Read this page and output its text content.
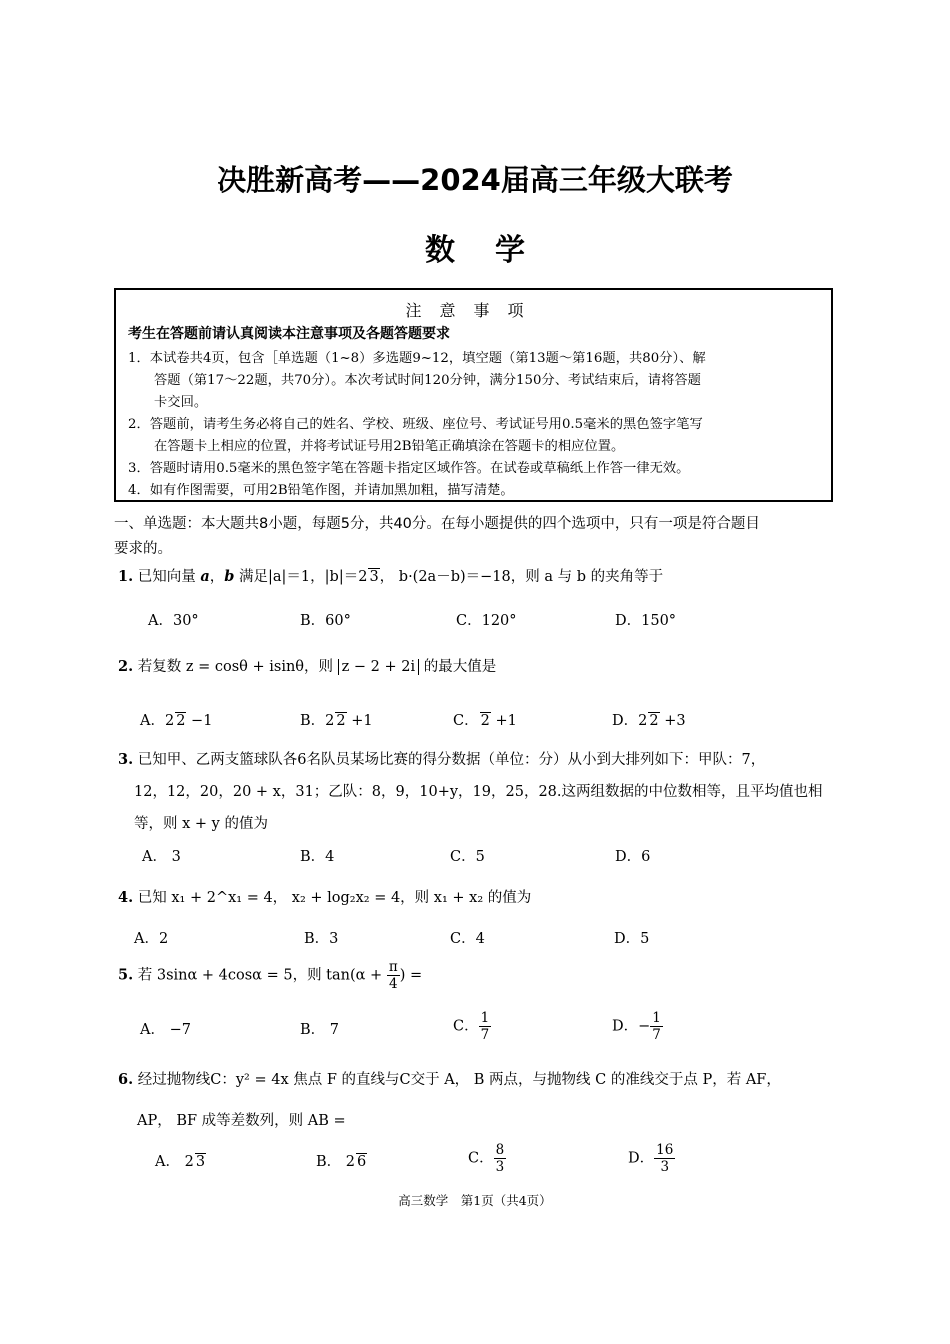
决胜新高考——2024届高三年级大联考
数学
注意事项
考生在答题前请认真阅读本注意事项及各题答题要求
1．本试卷共4页，包含［单选题（1~8）多选题9~12，填空题（第13题～第16题，共80分）、解
答题（第17～22题，共70分）。本次考试时间120分钟，满分150分、考试结束后，请将答题
卡交回。
2．答题前，请考生务必将自己的姓名、学校、班级、座位号、考试证号用0.5毫米的黑色签字笔写
在答题卡上相应的位置，并将考试证号用2B铅笔正确填涂在答题卡的相应位置。
3．答题时请用0.5毫米的黑色签字笔在答题卡指定区域作答。在试卷或草稿纸上作答一律无效。
4．如有作图需要，可用2B铅笔作图，并请加黑加粗，描写清楚。
一、单选题：本大题共8小题，每题5分，共40分。在每小题提供的四个选项中，只有一项是符合题目
要求的。
1. 已知向量 a，b 满足|a|＝1，|b|＝2 3， b·(2a－b)＝−18，则 a 与 b 的夹角等于
A．30°	B．60°	C．120°	D．150°
2. 若复数 z = cosθ + isinθ，则 z − 2 + 2i 的最大值是
A．2 2 −1	B．2 2 +1	C． 2 +1	D．2 2 +3
3. 已知甲、乙两支篮球队各6名队员某场比赛的得分数据（单位：分）从小到大排列如下：甲队：7，
12，12，20，20 + x，31；乙队：8，9，10+y，19，25，28.这两组数据的中位数相等，且平均值也相
等，则 x + y 的值为
A． 3	B．4	C．5	D．6
4. 已知 x₁ + 2^x₁ = 4， x₂ + log₂x₂ = 4，则 x₁ + x₂ 的值为
A．2	B．3	C．4	D．5
5. 若 3sinα + 4cosα = 5，则 $\tan(\alpha + \frac{\pi}{4}$ ) =
A． −7	B． 7	C． $\frac{1}{7}$	D．− $\frac{1}{7}$
6. 经过抛物线C：y² = 4x 焦点 F 的直线与C交于 A， B 两点，与抛物线 C 的准线交于点 P，若 AF，
AP， BF 成等差数列，则 AB =
A． 2 3	B． 2 6	C． $\frac{8}{3}$	D． $\frac{16}{3}$
高三数学　第1页（共4页）
